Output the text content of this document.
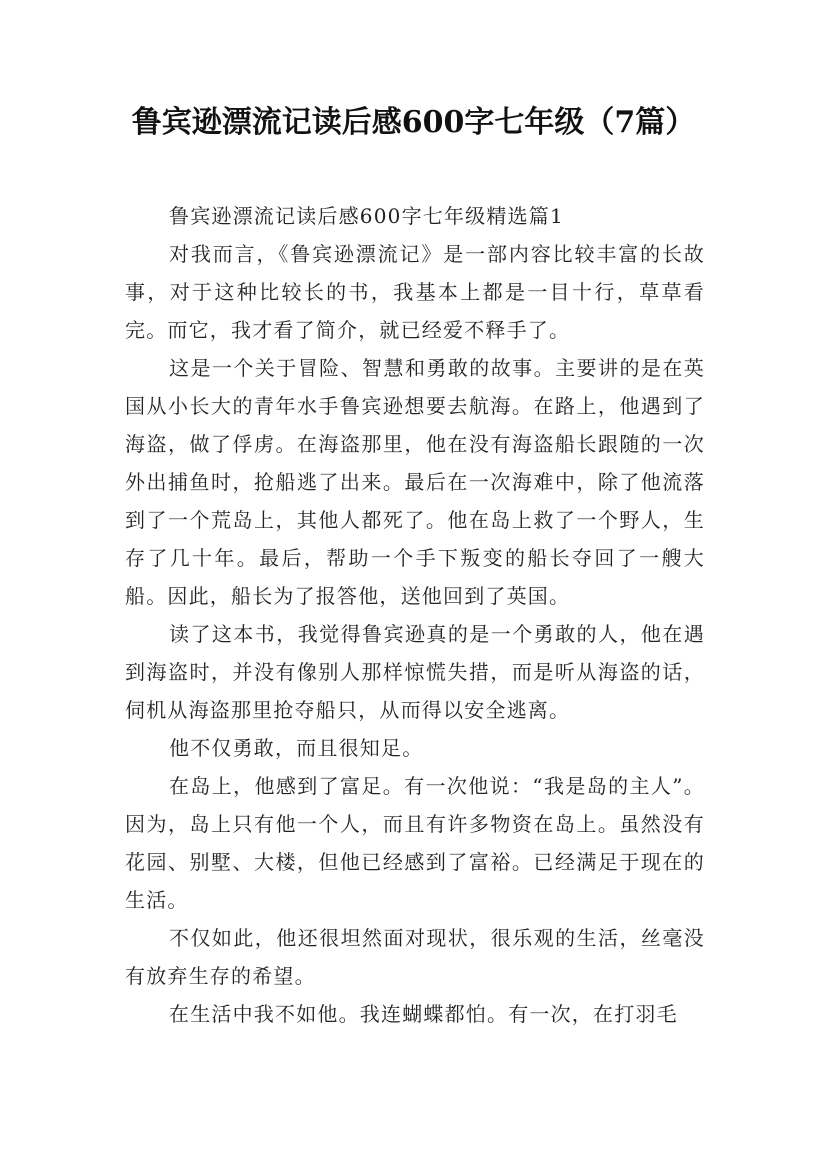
鲁宾逊漂流记读后感600字七年级（7篇）

鲁宾逊漂流记读后感600字七年级精选篇1

对我而言，《鲁宾逊漂流记》是一部内容比较丰富的长故事，对于这种比较长的书，我基本上都是一目十行，草草看完。而它，我才看了简介，就已经爱不释手了。

这是一个关于冒险、智慧和勇敢的故事。主要讲的是在英国从小长大的青年水手鲁宾逊想要去航海。在路上，他遇到了海盗，做了俘虏。在海盗那里，他在没有海盗船长跟随的一次外出捕鱼时，抢船逃了出来。最后在一次海难中，除了他流落到了一个荒岛上，其他人都死了。他在岛上救了一个野人，生存了几十年。最后，帮助一个手下叛变的船长夺回了一艘大船。因此，船长为了报答他，送他回到了英国。

读了这本书，我觉得鲁宾逊真的是一个勇敢的人，他在遇到海盗时，并没有像别人那样惊慌失措，而是听从海盗的话，伺机从海盗那里抢夺船只，从而得以安全逃离。

他不仅勇敢，而且很知足。

在岛上，他感到了富足。有一次他说：“我是岛的主人”。因为，岛上只有他一个人，而且有许多物资在岛上。虽然没有花园、别墅、大楼，但他已经感到了富裕。已经满足于现在的生活。

不仅如此，他还很坦然面对现状，很乐观的生活，丝毫没有放弃生存的希望。

在生活中我不如他。我连蝴蝶都怕。有一次，在打羽毛
